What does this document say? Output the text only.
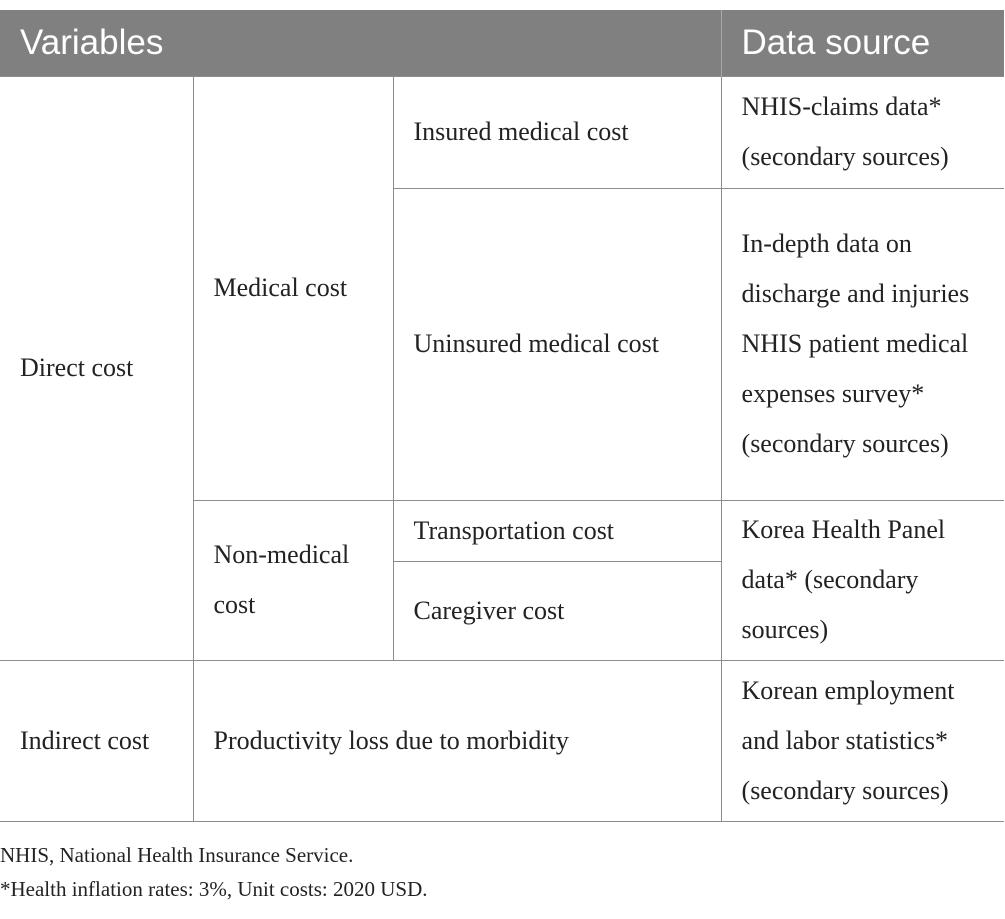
Variables			Data source
Direct cost	Medical cost	Insured medical cost	NHIS-claims data* (secondary sources)
		Uninsured medical cost	In-depth data on discharge and injuries NHIS patient medical expenses survey* (secondary sources)
	Non-medical cost	Transportation cost	Korea Health Panel data* (secondary sources)
		Caregiver cost	
Indirect cost	Productivity loss due to morbidity		Korean employment and labor statistics* (secondary sources)
NHIS, National Health Insurance Service.
*Health inflation rates: 3%, Unit costs: 2020 USD.
